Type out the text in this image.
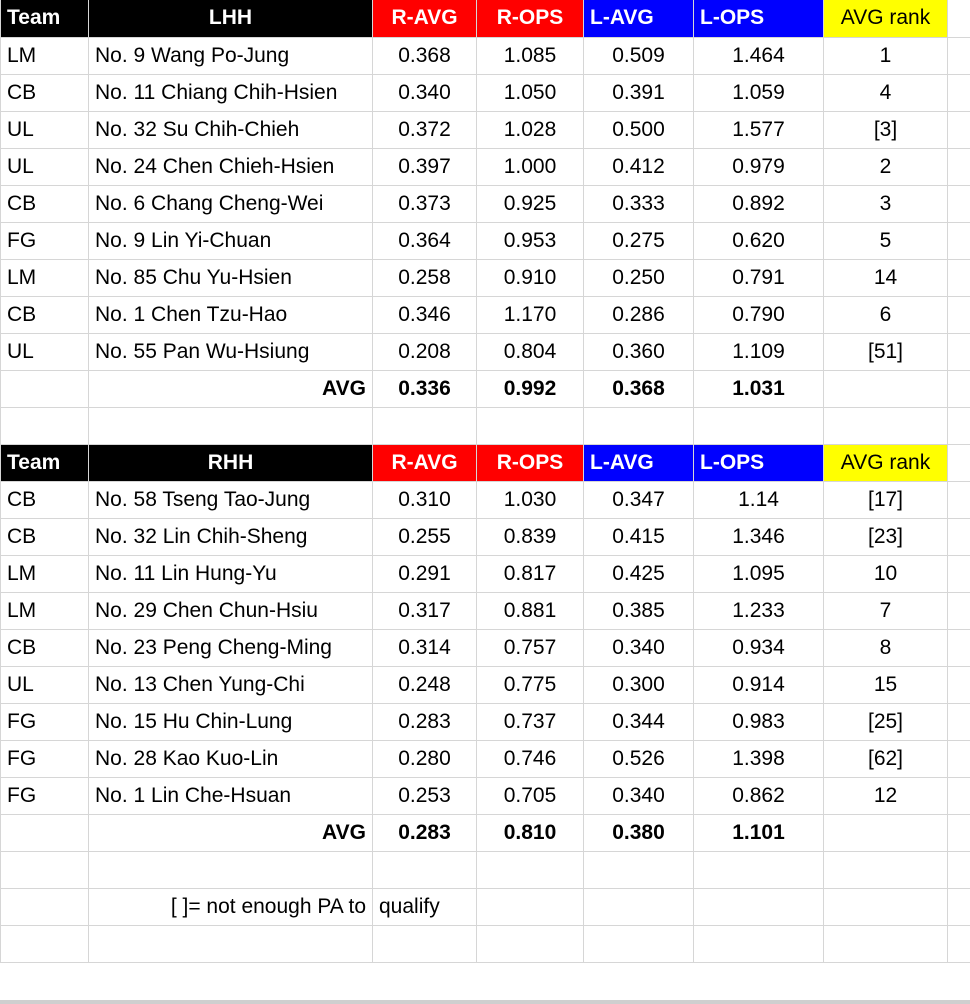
Team	LHH	R-AVG	R-OPS	L-AVG	L-OPS	AVG rank	
LM	No. 9 Wang Po-Jung	0.368	1.085	0.509	1.464	1	
CB	No. 11 Chiang Chih-Hsien	0.340	1.050	0.391	1.059	4	
UL	No. 32 Su Chih-Chieh	0.372	1.028	0.500	1.577	[3]	
UL	No. 24 Chen Chieh-Hsien	0.397	1.000	0.412	0.979	2	
CB	No. 6 Chang Cheng-Wei	0.373	0.925	0.333	0.892	3	
FG	No. 9 Lin Yi-Chuan	0.364	0.953	0.275	0.620	5	
LM	No. 85 Chu Yu-Hsien	0.258	0.910	0.250	0.791	14	
CB	No. 1 Chen Tzu-Hao	0.346	1.170	0.286	0.790	6	
UL	No. 55 Pan Wu-Hsiung	0.208	0.804	0.360	1.109	[51]	
	AVG	0.336	0.992	0.368	1.031		

Team	RHH	R-AVG	R-OPS	L-AVG	L-OPS	AVG rank	
CB	No. 58 Tseng Tao-Jung	0.310	1.030	0.347	1.14	[17]	
CB	No. 32 Lin Chih-Sheng	0.255	0.839	0.415	1.346	[23]	
LM	No. 11 Lin Hung-Yu	0.291	0.817	0.425	1.095	10	
LM	No. 29 Chen Chun-Hsiu	0.317	0.881	0.385	1.233	7	
CB	No. 23 Peng Cheng-Ming	0.314	0.757	0.340	0.934	8	
UL	No. 13 Chen Yung-Chi	0.248	0.775	0.300	0.914	15	
FG	No. 15 Hu Chin-Lung	0.283	0.737	0.344	0.983	[25]	
FG	No. 28 Kao Kuo-Lin	0.280	0.746	0.526	1.398	[62]	
FG	No. 1 Lin Che-Hsuan	0.253	0.705	0.340	0.862	12	
	AVG	0.283	0.810	0.380	1.101		

	[ ]= not enough PA to	qualify					
